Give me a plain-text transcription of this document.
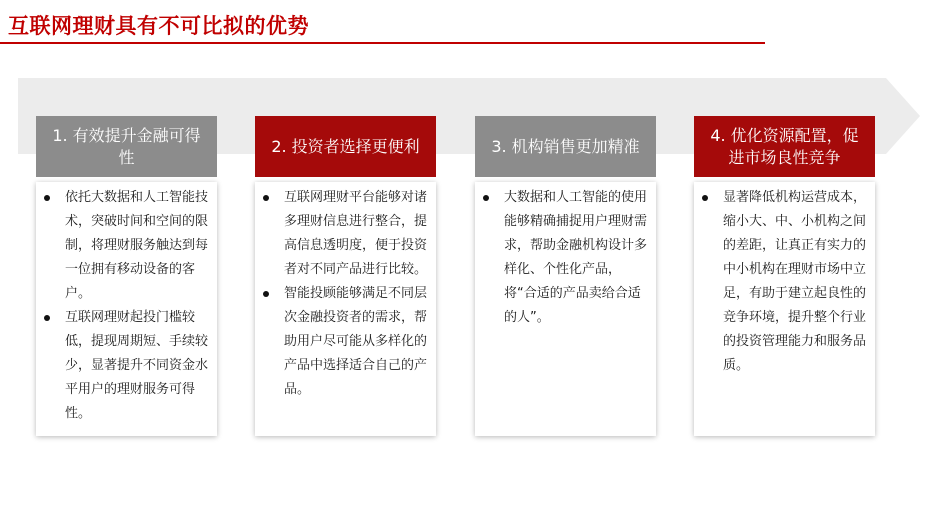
互联网理财具有不可比拟的优势
1. 有效提升金融可得性
依托大数据和人工智能技术，突破时间和空间的限制，将理财服务触达到每一位拥有移动设备的客户。
互联网理财起投门槛较低，提现周期短、手续较少，显著提升不同资金水平用户的理财服务可得性。
2. 投资者选择更便利
互联网理财平台能够对诸多理财信息进行整合，提高信息透明度，便于投资者对不同产品进行比较。
智能投顾能够满足不同层次金融投资者的需求，帮助用户尽可能从多样化的产品中选择适合自己的产品。
3. 机构销售更加精准
大数据和人工智能的使用能够精确捕捉用户理财需求，帮助金融机构设计多样化、个性化产品，将“合适的产品卖给合适的人”。
4. 优化资源配置，促进市场良性竞争
显著降低机构运营成本，缩小大、中、小机构之间的差距，让真正有实力的中小机构在理财市场中立足，有助于建立起良性的竞争环境，提升整个行业的投资管理能力和服务品质。
